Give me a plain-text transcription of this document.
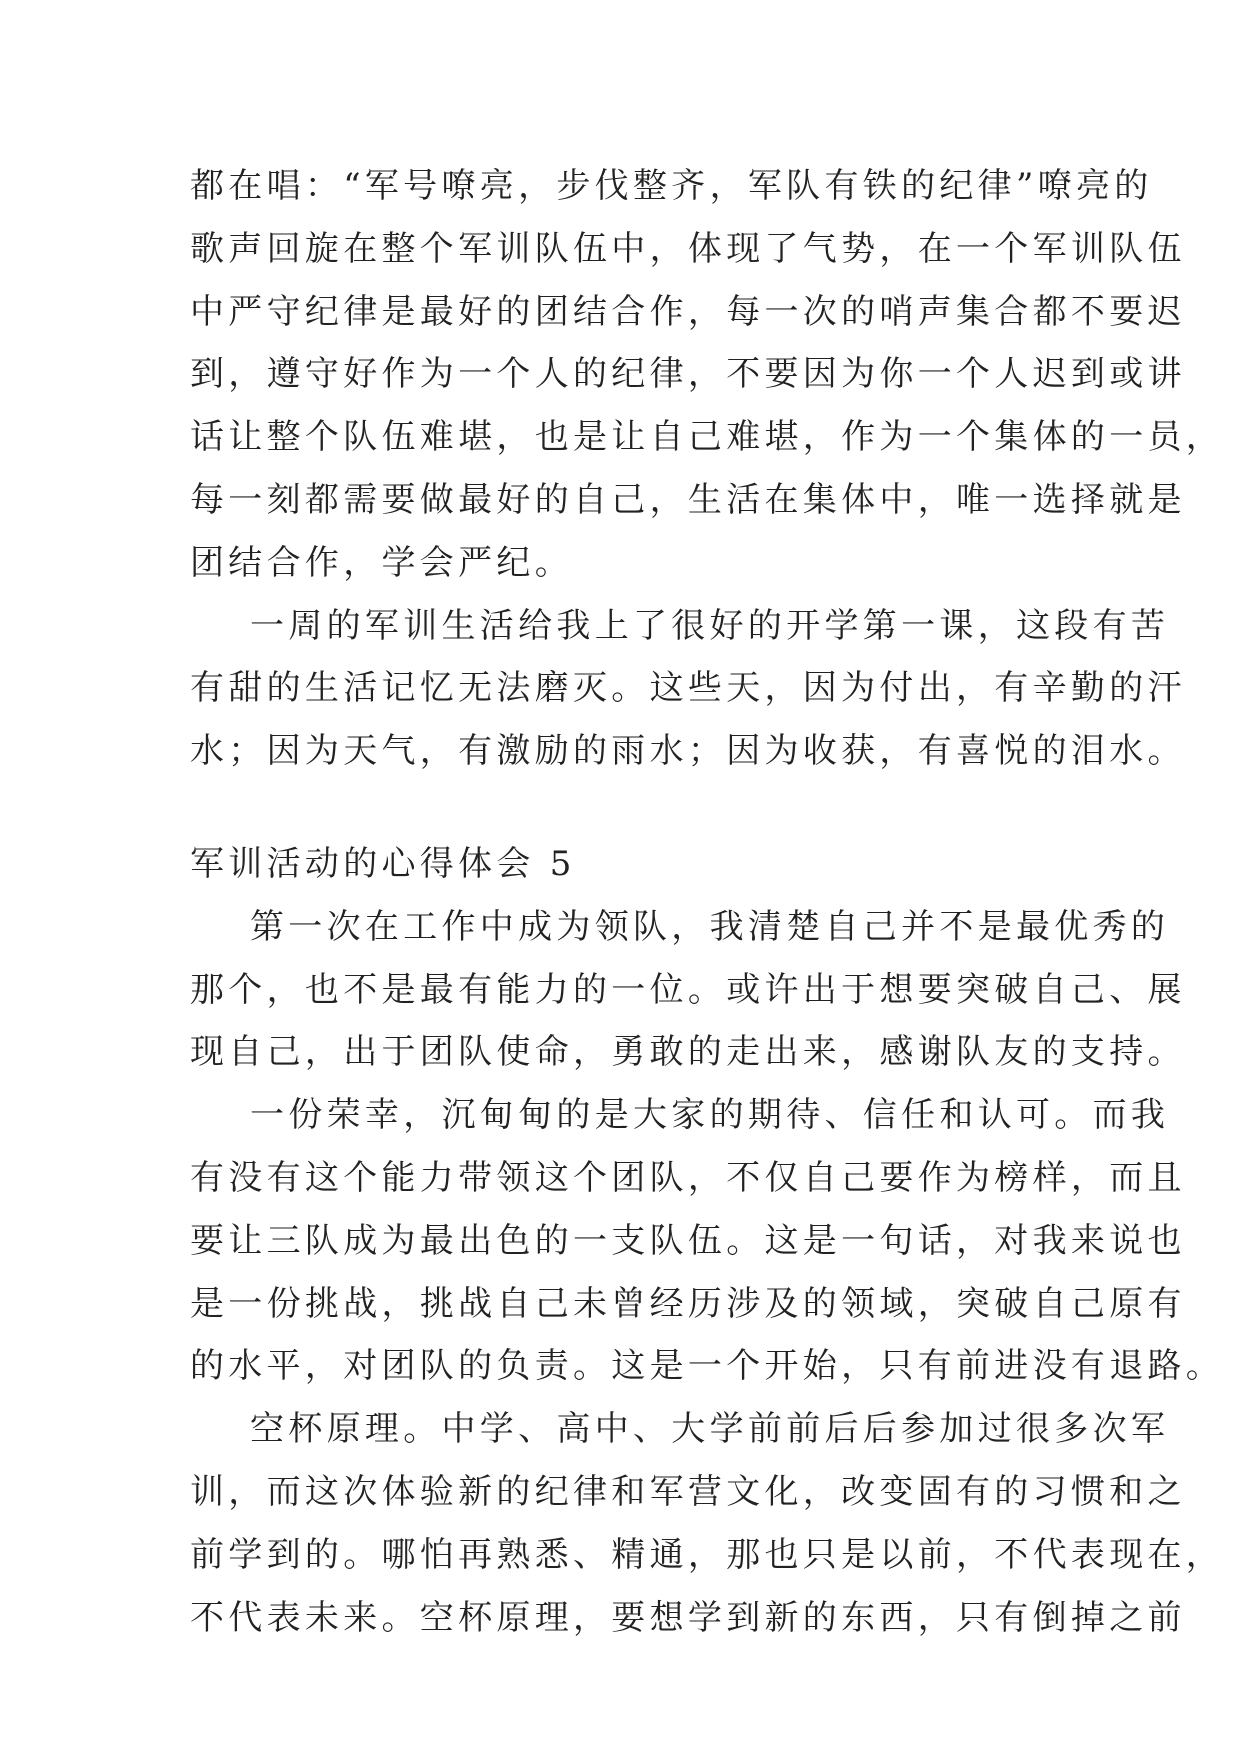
都在唱：“军号嘹亮，步伐整齐，军队有铁的纪律”嘹亮的
歌声回旋在整个军训队伍中，体现了气势，在一个军训队伍
中严守纪律是最好的团结合作，每一次的哨声集合都不要迟
到，遵守好作为一个人的纪律，不要因为你一个人迟到或讲
话让整个队伍难堪，也是让自己难堪，作为一个集体的一员，
每一刻都需要做最好的自己，生活在集体中，唯一选择就是
团结合作，学会严纪。
一周的军训生活给我上了很好的开学第一课，这段有苦
有甜的生活记忆无法磨灭。这些天，因为付出，有辛勤的汗
水；因为天气，有激励的雨水；因为收获，有喜悦的泪水。
军训活动的心得体会 5
第一次在工作中成为领队，我清楚自己并不是最优秀的
那个，也不是最有能力的一位。或许出于想要突破自己、展
现自己，出于团队使命，勇敢的走出来，感谢队友的支持。
一份荣幸，沉甸甸的是大家的期待、信任和认可。而我
有没有这个能力带领这个团队，不仅自己要作为榜样，而且
要让三队成为最出色的一支队伍。这是一句话，对我来说也
是一份挑战，挑战自己未曾经历涉及的领域，突破自己原有
的水平，对团队的负责。这是一个开始，只有前进没有退路。
空杯原理。中学、高中、大学前前后后参加过很多次军
训，而这次体验新的纪律和军营文化，改变固有的习惯和之
前学到的。哪怕再熟悉、精通，那也只是以前，不代表现在，
不代表未来。空杯原理，要想学到新的东西，只有倒掉之前
